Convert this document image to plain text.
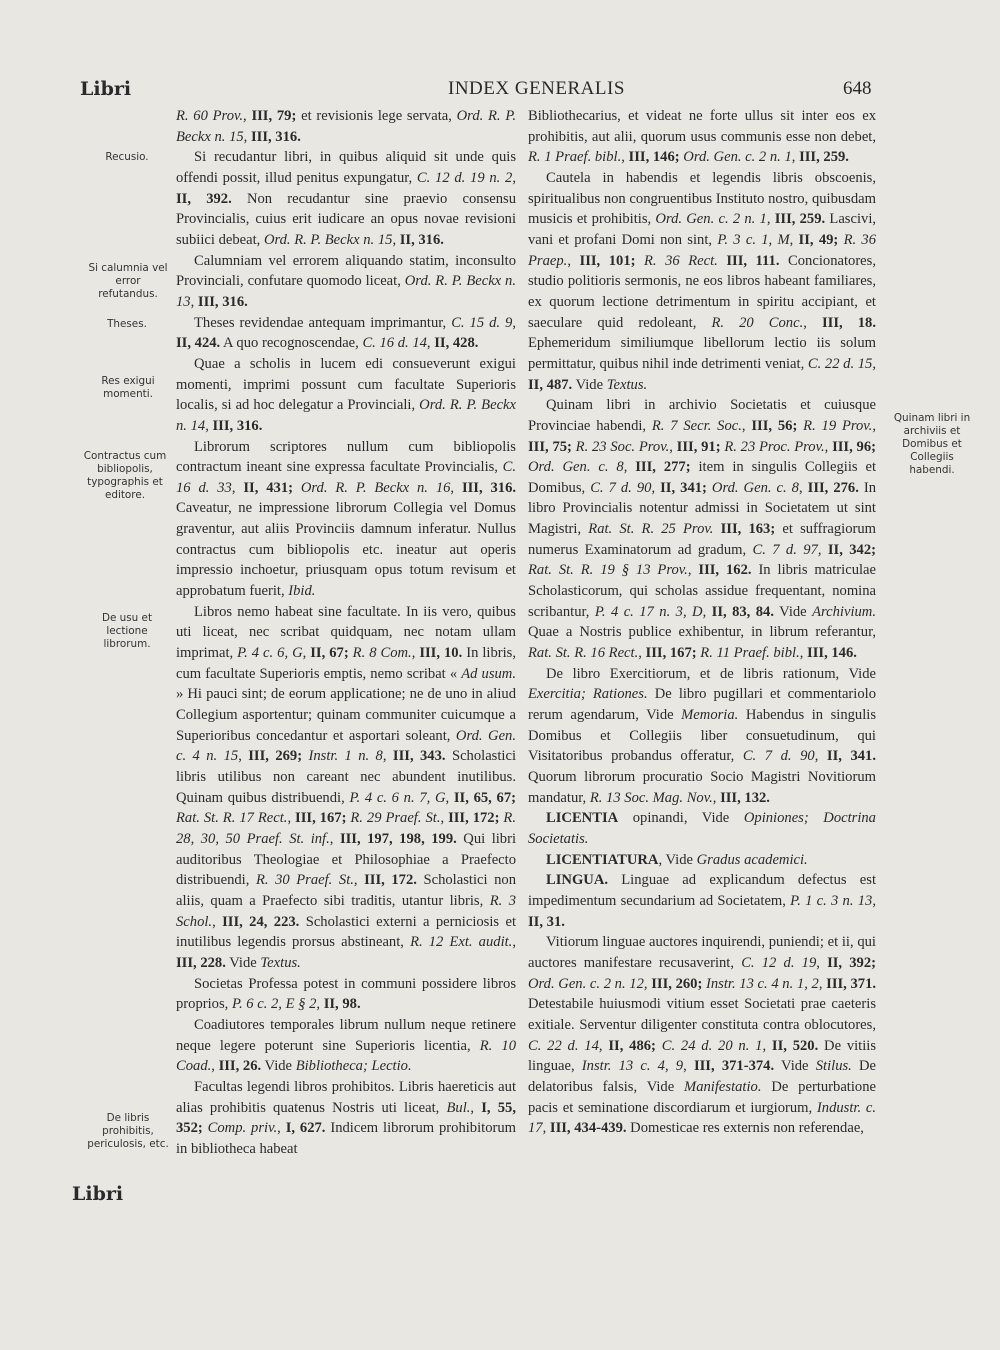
Libri	INDEX GENERALIS	648
Recusio.
Si calumnia vel error refutandus.
Theses.
Res exigui momenti.
Contractus cum bibliopolis, typographis et editore.
De usu et lectione librorum.
De libris prohibitis, periculosis, etc.
Quinam libri in archiviis et Domibus et Collegiis habendi.

R. 60 Prov., III, 79; et revisionis lege servata, Ord. R. P. Beckx n. 15, III, 316.

Si recudantur libri, in quibus aliquid sit unde quis offendi possit, illud penitus expungatur, C. 12 d. 19 n. 2, II, 392. Non recudantur sine praevio consensu Provincialis, cuius erit iudicare an opus novae revisioni subiici debeat, Ord. R. P. Beckx n. 15, II, 316.

Calumniam vel errorem aliquando statim, inconsulto Provinciali, confutare quomodo liceat, Ord. R. P. Beckx n. 13, III, 316.

Theses revidendae antequam imprimantur, C. 15 d. 9, II, 424. A quo recognoscendae, C. 16 d. 14, II, 428.

Quae a scholis in lucem edi consueverunt exigui momenti, imprimi possunt cum facultate Superioris localis, si ad hoc delegatur a Provinciali, Ord. R. P. Beckx n. 14, III, 316.

Librorum scriptores nullum cum bibliopolis contractum ineant sine expressa facultate Provincialis, C. 16 d. 33, II, 431; Ord. R. P. Beckx n. 16, III, 316. Caveatur, ne impressione librorum Collegia vel Domus graventur, aut aliis Provinciis damnum inferatur. Nullus contractus cum bibliopolis etc. ineatur aut operis impressio inchoetur, priusquam opus totum revisum et approbatum fuerit, Ibid.

Libros nemo habeat sine facultate. In iis vero, quibus uti liceat, nec scribat quidquam, nec notam ullam imprimat, P. 4 c. 6, G, II, 67; R. 8 Com., III, 10. In libris, cum facultate Superioris emptis, nemo scribat « Ad usum. » Hi pauci sint; de eorum applicatione; ne de uno in aliud Collegium asportentur; quinam communiter cuicumque a Superioribus concedantur et asportari soleant, Ord. Gen. c. 4 n. 15, III, 269; Instr. 1 n. 8, III, 343. Scholastici libris utilibus non careant nec abundent inutilibus. Quinam quibus distribuendi, P. 4 c. 6 n. 7, G, II, 65, 67; Rat. St. R. 17 Rect., III, 167; R. 29 Praef. St., III, 172; R. 28, 30, 50 Praef. St. inf., III, 197, 198, 199. Qui libri auditoribus Theologiae et Philosophiae a Praefecto distribuendi, R. 30 Praef. St., III, 172. Scholastici non aliis, quam a Praefecto sibi traditis, utantur libris, R. 3 Schol., III, 24, 223. Scholastici externi a perniciosis et inutilibus legendis prorsus abstineant, R. 12 Ext. audit., III, 228. Vide Textus.

Societas Professa potest in communi possidere libros proprios, P. 6 c. 2, E § 2, II, 98.

Coadiutores temporales librum nullum neque retinere neque legere poterunt sine Superioris licentia, R. 10 Coad., III, 26. Vide Bibliotheca; Lectio.

Facultas legendi libros prohibitos. Libris haereticis aut alias prohibitis quatenus Nostris uti liceat, Bul., I, 55, 352; Comp. priv., I, 627. Indicem librorum prohibitorum in bibliotheca habeat

Bibliothecarius, et videat ne forte ullus sit inter eos ex prohibitis, aut alii, quorum usus communis esse non debet, R. 1 Praef. bibl., III, 146; Ord. Gen. c. 2 n. 1, III, 259.

Cautela in habendis et legendis libris obscoenis, spiritualibus non congruentibus Instituto nostro, quibusdam musicis et prohibitis, Ord. Gen. c. 2 n. 1, III, 259. Lascivi, vani et profani Domi non sint, P. 3 c. 1, M, II, 49; R. 36 Praep., III, 101; R. 36 Rect. III, 111. Concionatores, studio politioris sermonis, ne eos libros habeant familiares, ex quorum lectione detrimentum in spiritu accipiant, et saeculare quid redoleant, R. 20 Conc., III, 18. Ephemeridum similiumque libellorum lectio iis solum permittatur, quibus nihil inde detrimenti veniat, C. 22 d. 15, II, 487. Vide Textus.

Quinam libri in archivio Societatis et cuiusque Provinciae habendi, R. 7 Secr. Soc., III, 56; R. 19 Prov., III, 75; R. 23 Soc. Prov., III, 91; R. 23 Proc. Prov., III, 96; Ord. Gen. c. 8, III, 277; item in singulis Collegiis et Domibus, C. 7 d. 90, II, 341; Ord. Gen. c. 8, III, 276. In libro Provincialis notentur admissi in Societatem ut sint Magistri, Rat. St. R. 25 Prov. III, 163; et suffragiorum numerus Examinatorum ad gradum, C. 7 d. 97, II, 342; Rat. St. R. 19 § 13 Prov., III, 162. In libris matriculae Scholasticorum, qui scholas assidue frequentant, nomina scribantur, P. 4 c. 17 n. 3, D, II, 83, 84. Vide Archivium. Quae a Nostris publice exhibentur, in librum referantur, Rat. St. R. 16 Rect., III, 167; R. 11 Praef. bibl., III, 146.

De libro Exercitiorum, et de libris rationum, Vide Exercitia; Rationes. De libro pugillari et commentariolo rerum agendarum, Vide Memoria. Habendus in singulis Domibus et Collegiis liber consuetudinum, qui Visitatoribus probandus offeratur, C. 7 d. 90, II, 341. Quorum librorum procuratio Socio Magistri Novitiorum mandatur, R. 13 Soc. Mag. Nov., III, 132.

LICENTIA opinandi, Vide Opiniones; Doctrina Societatis.

LICENTIATURA, Vide Gradus academici.

LINGUA. Linguae ad explicandum defectus est impedimentum secundarium ad Societatem, P. 1 c. 3 n. 13, II, 31.

Vitiorum linguae auctores inquirendi, puniendi; et ii, qui auctores manifestare recusaverint, C. 12 d. 19, II, 392; Ord. Gen. c. 2 n. 12, III, 260; Instr. 13 c. 4 n. 1, 2, III, 371. Detestabile huiusmodi vitium esset Societati prae caeteris exitiale. Serventur diligenter constituta contra oblocutores, C. 22 d. 14, II, 486; C. 24 d. 20 n. 1, II, 520. De vitiis linguae, Instr. 13 c. 4, 9, III, 371-374. Vide Stilus. De delatoribus falsis, Vide Manifestatio. De perturbatione pacis et seminatione discordiarum et iurgiorum, Industr. c. 17, III, 434-439. Domesticae res externis non referendae,

Libri
